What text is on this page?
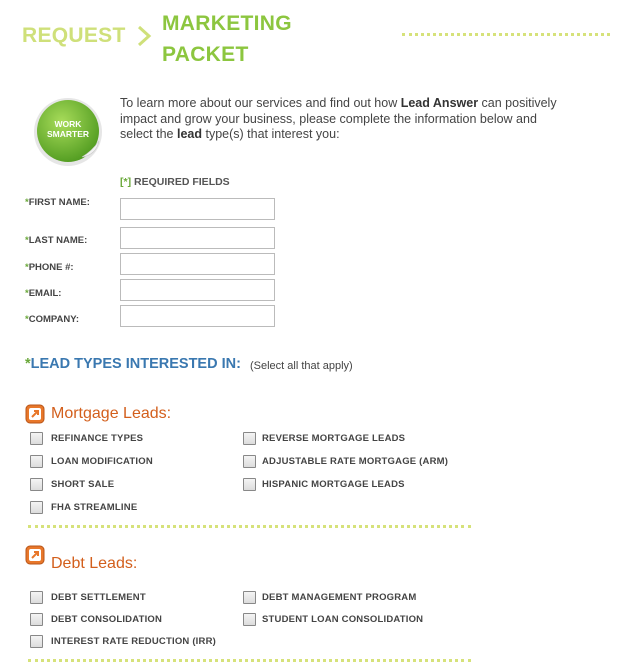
REQUEST
MARKETING
PACKET
WORK
SMARTER
To learn more about our services and find out how Lead Answer can positively impact and grow your business, please complete the information below and select the lead type(s) that interest you:
[*] REQUIRED FIELDS
*FIRST NAME:
*LAST NAME:
*PHONE #:
*EMAIL:
*COMPANY:
*LEAD TYPES INTERESTED IN: (Select all that apply)
Mortgage Leads:
REFINANCE TYPES	REVERSE MORTGAGE LEADS
LOAN MODIFICATION	ADJUSTABLE RATE MORTGAGE (ARM)
SHORT SALE	HISPANIC MORTGAGE LEADS
FHA STREAMLINE
Debt Leads:
DEBT SETTLEMENT	DEBT MANAGEMENT PROGRAM
DEBT CONSOLIDATION	STUDENT LOAN CONSOLIDATION
INTEREST RATE REDUCTION (IRR)
